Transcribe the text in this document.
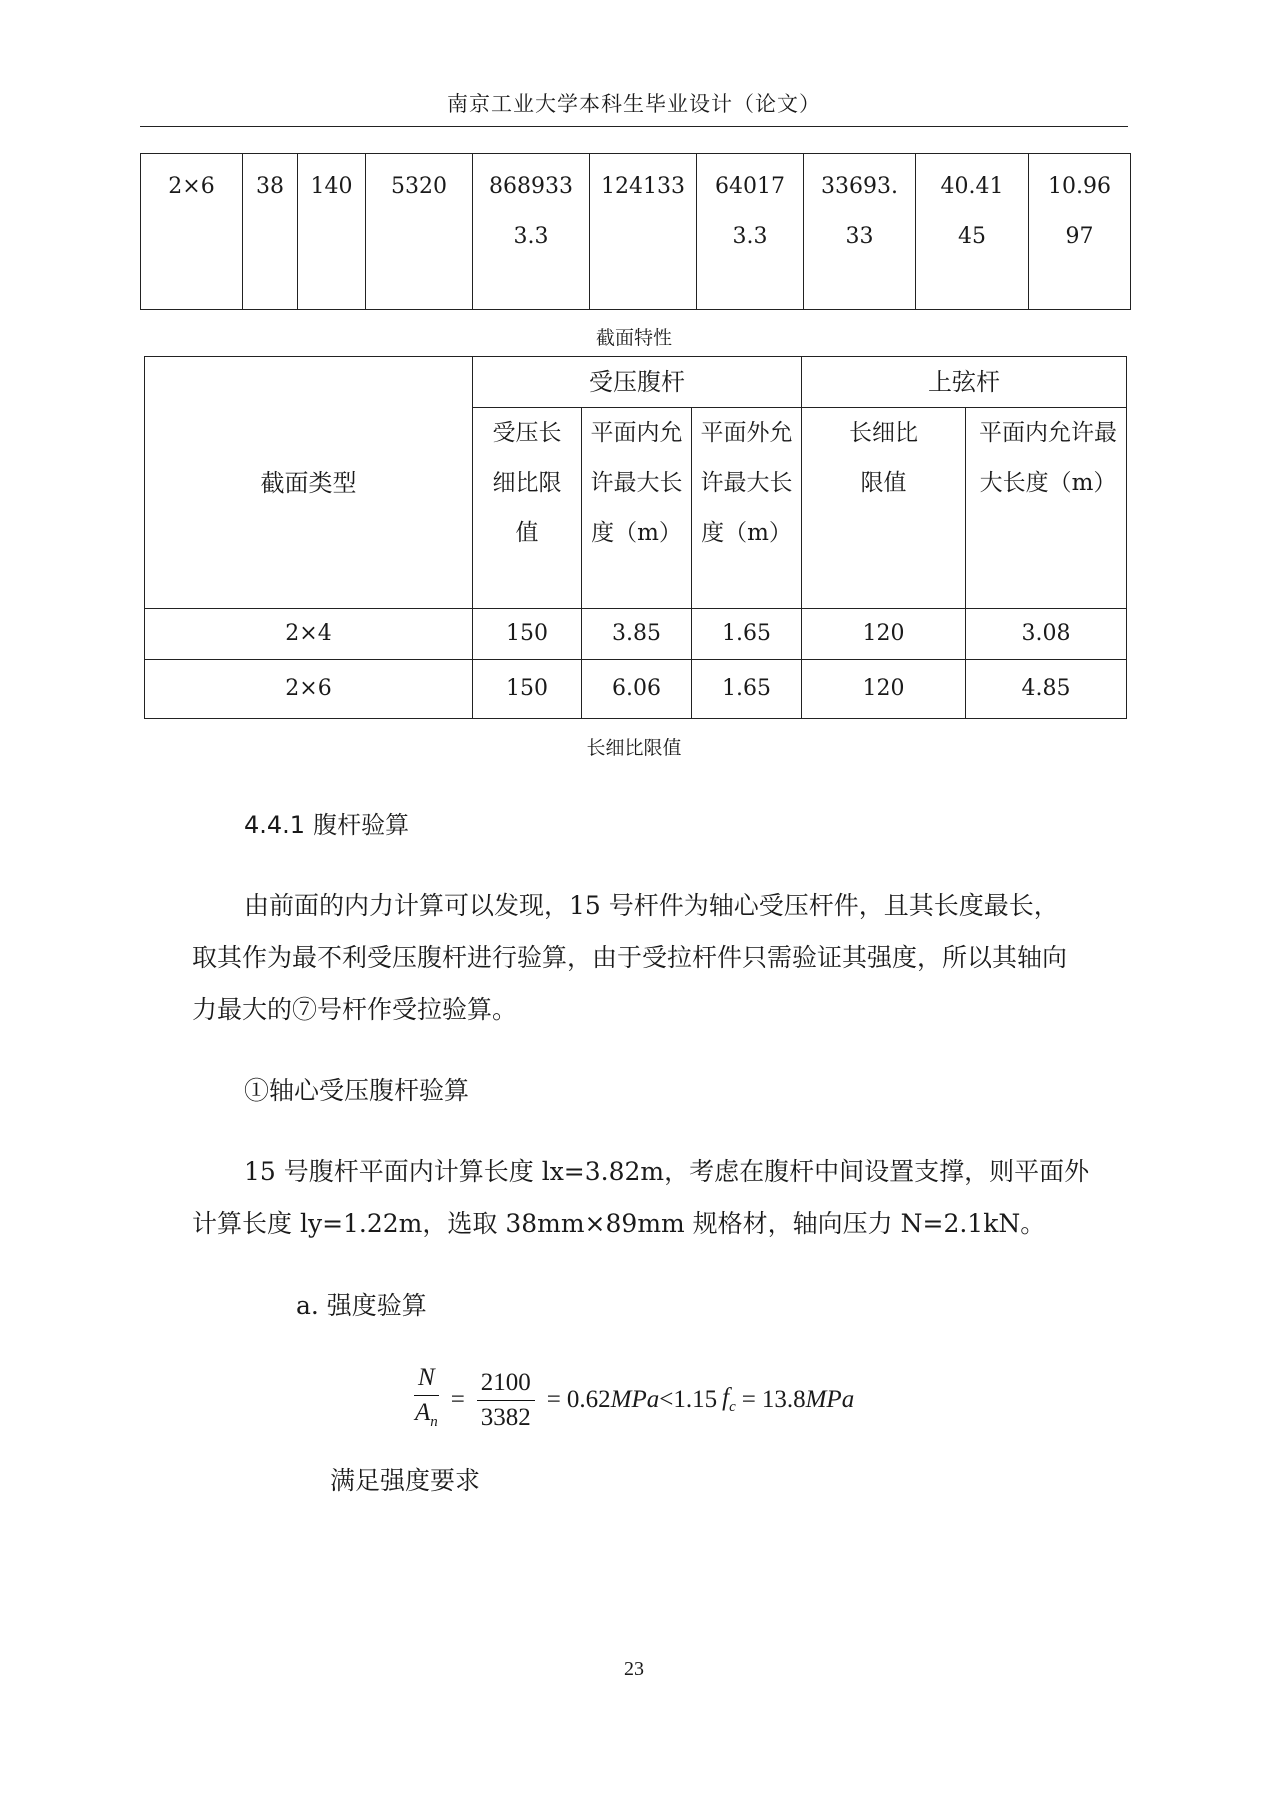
南京工业大学本科生毕业设计（论文）
2×6	38	140	5320	8689333.3	124133	640173.3	33693.33	40.4145	10.9697
截面特性
截面类型	受压腹杆			上弦杆	
	受压长细比限值	平面内允许最大长度（m）	平面外允许最大长度（m）	长细比限值	平面内允许最大长度（m）
2×4	150	3.85	1.65	120	3.08
2×6	150	6.06	1.65	120	4.85
长细比限值
4.4.1 腹杆验算
由前面的内力计算可以发现，15 号杆件为轴心受压杆件，且其长度最长，
取其作为最不利受压腹杆进行验算，由于受拉杆件只需验证其强度，所以其轴向
力最大的⑦号杆作受拉验算。
①轴心受压腹杆验算
15 号腹杆平面内计算长度 lx=3.82m，考虑在腹杆中间设置支撑，则平面外
计算长度 ly=1.22m，选取 38mm×89mm 规格材，轴向压力 N=2.1kN。
a. 强度验算
$\frac{N}{A_n} = \frac{2100}{3382} = 0.62$ MPa < 1.15 $f_c = 13.8$ MPa
满足强度要求
23
